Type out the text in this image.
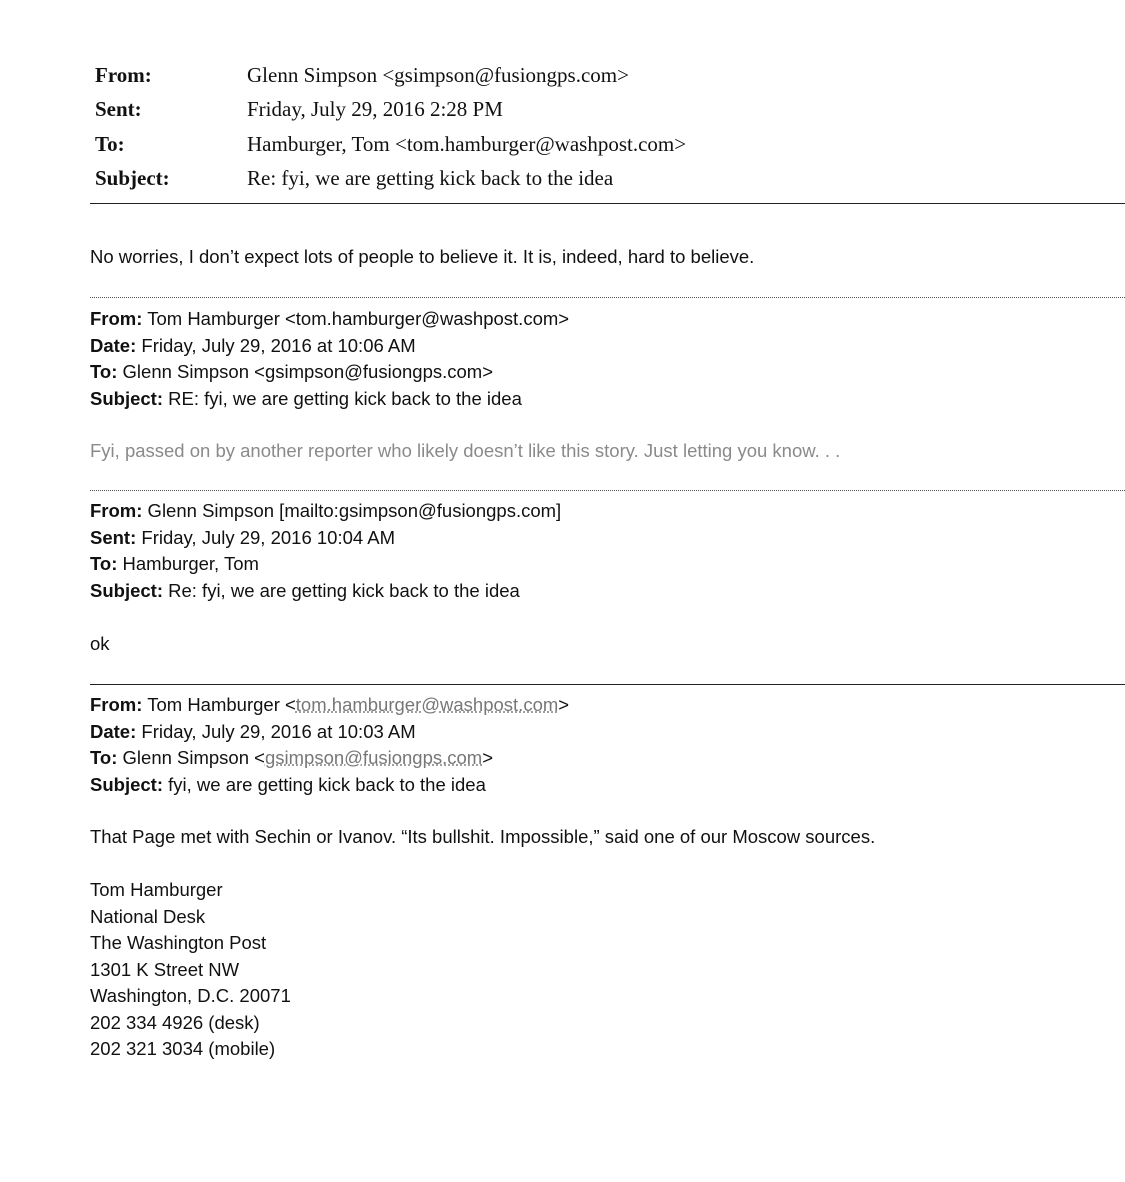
From:	Glenn Simpson <gsimpson@fusiongps.com>
Sent:	Friday, July 29, 2016 2:28 PM
To:	Hamburger, Tom <tom.hamburger@washpost.com>
Subject:	Re: fyi, we are getting kick back to the idea
No worries, I don’t expect lots of people to believe it. It is, indeed, hard to believe.
From: Tom Hamburger <tom.hamburger@washpost.com>
Date: Friday, July 29, 2016 at 10:06 AM
To: Glenn Simpson <gsimpson@fusiongps.com>
Subject: RE: fyi, we are getting kick back to the idea
Fyi, passed on by another reporter who likely doesn’t like this story. Just letting you know. . .
From: Glenn Simpson [mailto:gsimpson@fusiongps.com]
Sent: Friday, July 29, 2016 10:04 AM
To: Hamburger, Tom
Subject: Re: fyi, we are getting kick back to the idea
ok
From: Tom Hamburger <tom.hamburger@washpost.com>
Date: Friday, July 29, 2016 at 10:03 AM
To: Glenn Simpson <gsimpson@fusiongps.com>
Subject: fyi, we are getting kick back to the idea
That Page met with Sechin or Ivanov. “Its bullshit. Impossible,” said one of our Moscow sources.
Tom Hamburger
National Desk
The Washington Post
1301 K Street NW
Washington, D.C. 20071
202 334 4926 (desk)
202 321 3034 (mobile)
